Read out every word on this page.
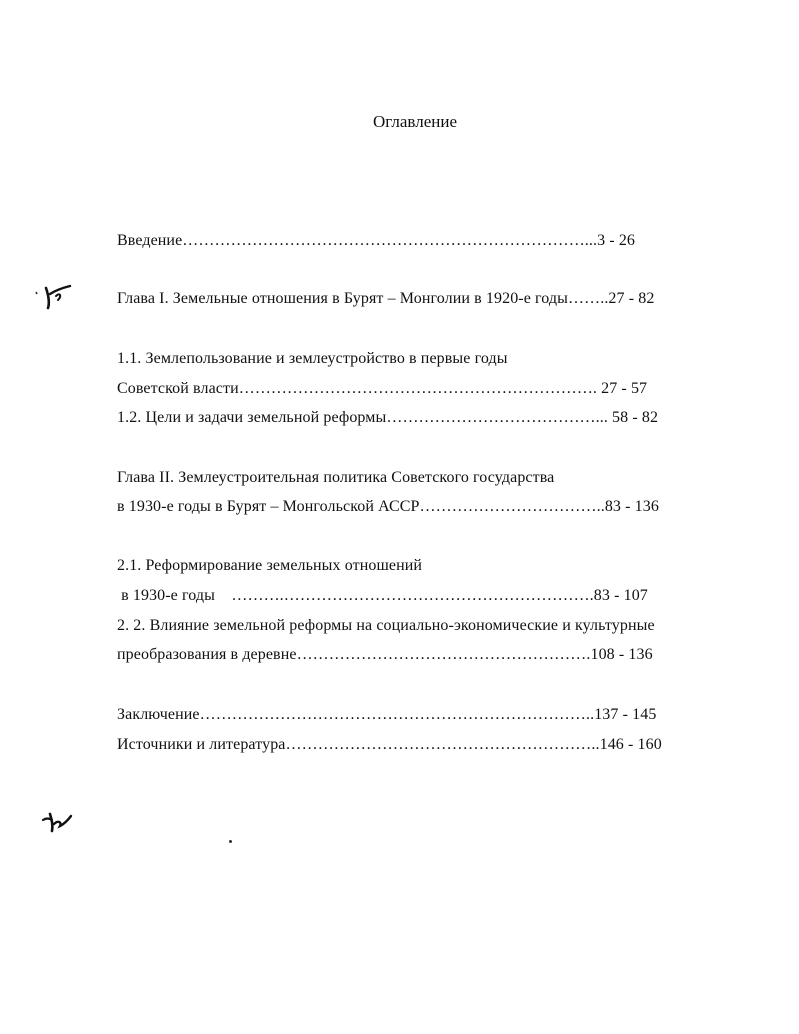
Оглавление
Введение…………………………………………………………………...3 - 26
Глава I. Земельные отношения в Бурят – Монголии в 1920-е годы……..27 - 82
1.1. Землепользование и землеустройство в первые годы
Советской власти…………………………………………………………. 27 - 57
1.2. Цели и задачи земельной реформы…………………………………... 58 - 82
Глава II. Землеустроительная политика Советского государства
в 1930-е годы в Бурят – Монгольской АССР……………………………..83 - 136
2.1. Реформирование земельных отношений
в 1930-е годы    ……….………………………………………………….83 - 107
2. 2. Влияние земельной реформы на социально-экономические и культурные
преобразования в деревне……………………………………………….108 - 136
Заключение………………………………………………………………..137 - 145
Источники и литература…………………………………………………..146 - 160
